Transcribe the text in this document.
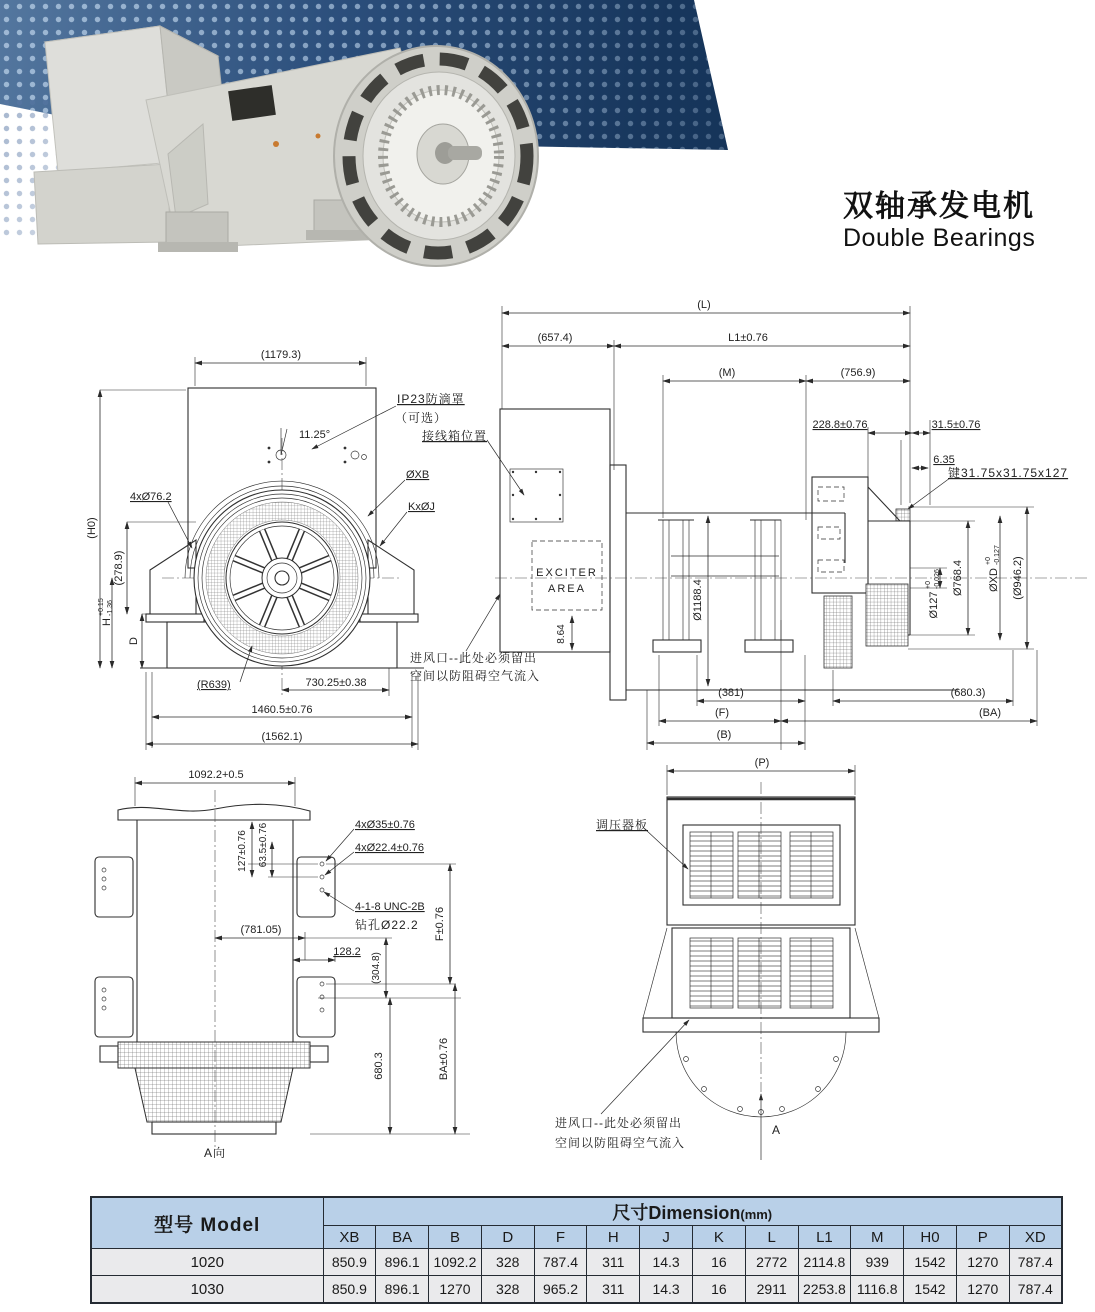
双轴承发电机
Double Bearings
(1179.3)
11.25°
IP23防滴罩
（可选）
ØXB
KxØJ
4xØ76.2
(H0)
(278.9)
H
+0.15 -1.36
D
(R639)	730.25±0.38
1460.5±0.76
(1562.1)
(L)
(657.4)	L1±0.76
(M)	(756.9)
228.8±0.76	31.5±0.76
6.35
键31.75x31.75x127
接线箱位置
EXCITER
AREA	Ø1188.4
8.64
Ø768.4 ØXD
+0 -0.127
(Ø946.2)
Ø127
+0 -0.026
(381)	(680.3)
(F)	(BA)
(B)
进风口--此处必须留出
空间以防阻碍空气流入
1092.2+0.5
127±0.76 63.5±0.76	4xØ35±0.76
4xØ22.4±0.76
4-1-8 UNC-2B
钻孔Ø22.2
(781.05)
128.2
(304.8)
F±0.76
680.3	BA±0.76
A向
(P)
调压器板
进风口--此处必须留出
空间以防阻碍空气流入
A
型号 Model	尺寸Dimension(mm)													
	XB	BA	B	D	F	H	J	K	L	L1	M	H0	P	XD
1020	850.9	896.1	1092.2	328	787.4	311	14.3	16	2772	2114.8	939	1542	1270	787.4
1030	850.9	896.1	1270	328	965.2	311	14.3	16	2911	2253.8	1116.8	1542	1270	787.4
